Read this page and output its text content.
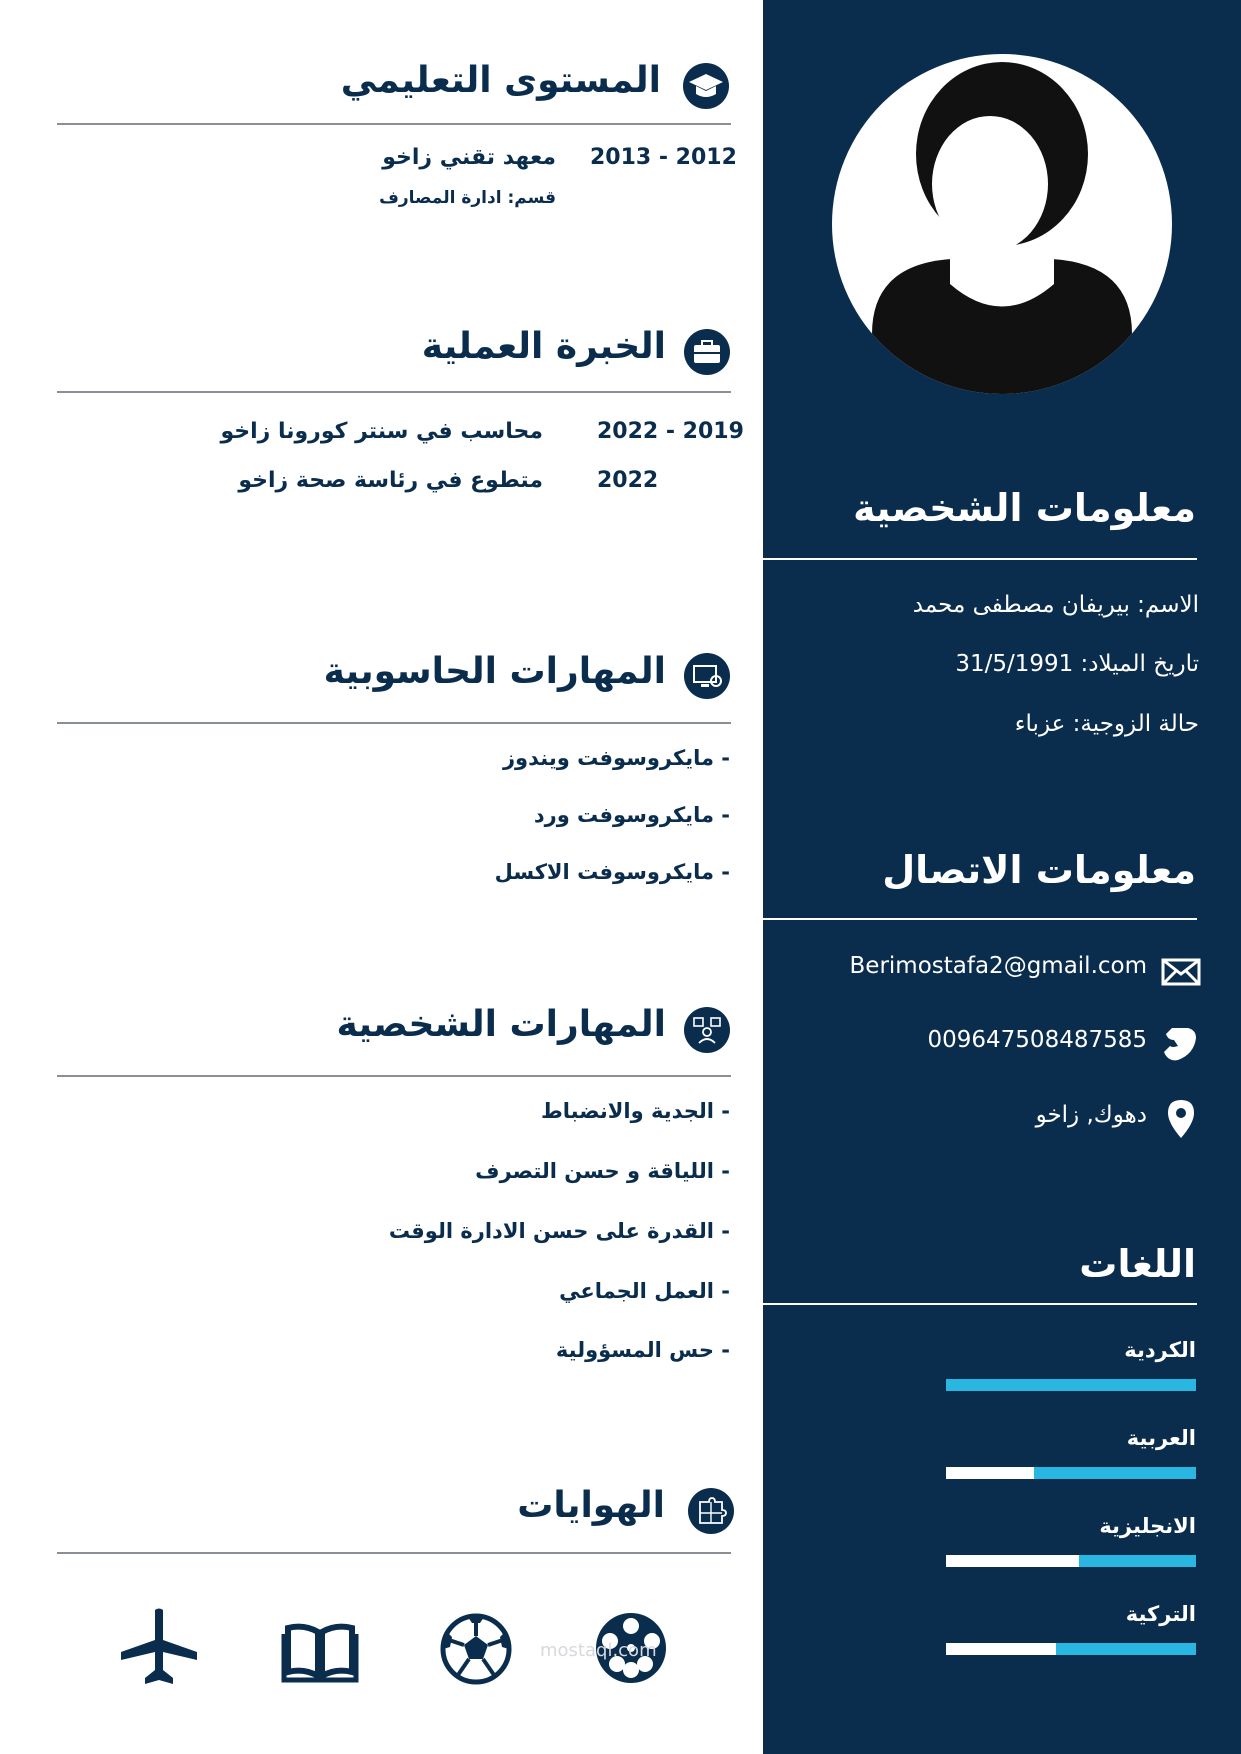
معلومات الشخصية
الاسم: بيريفان مصطفى محمد
تاريخ الميلاد: 31/5/1991
حالة الزوجية: عزباء
معلومات الاتصال
Berimostafa2@gmail.com
009647508487585
دهوك, زاخو
اللغات
الكردية
العربية
الانجليزية
التركية
المستوى التعليمي
2013 - 2012
معهد تقني زاخو
قسم: ادارة المصارف
الخبرة العملية
2022 - 2019
محاسب في سنتر كورونا زاخو
2022
متطوع في رئاسة صحة زاخو
المهارات الحاسوبية
- مايكروسوفت ويندوز
- مايكروسوفت ورد
- مايكروسوفت الاكسل
المهارات الشخصية
- الجدية والانضباط
- اللياقة و حسن التصرف
- القدرة على حسن الادارة الوقت
- العمل الجماعي
- حس المسؤولية
الهوايات
mostaql.com
